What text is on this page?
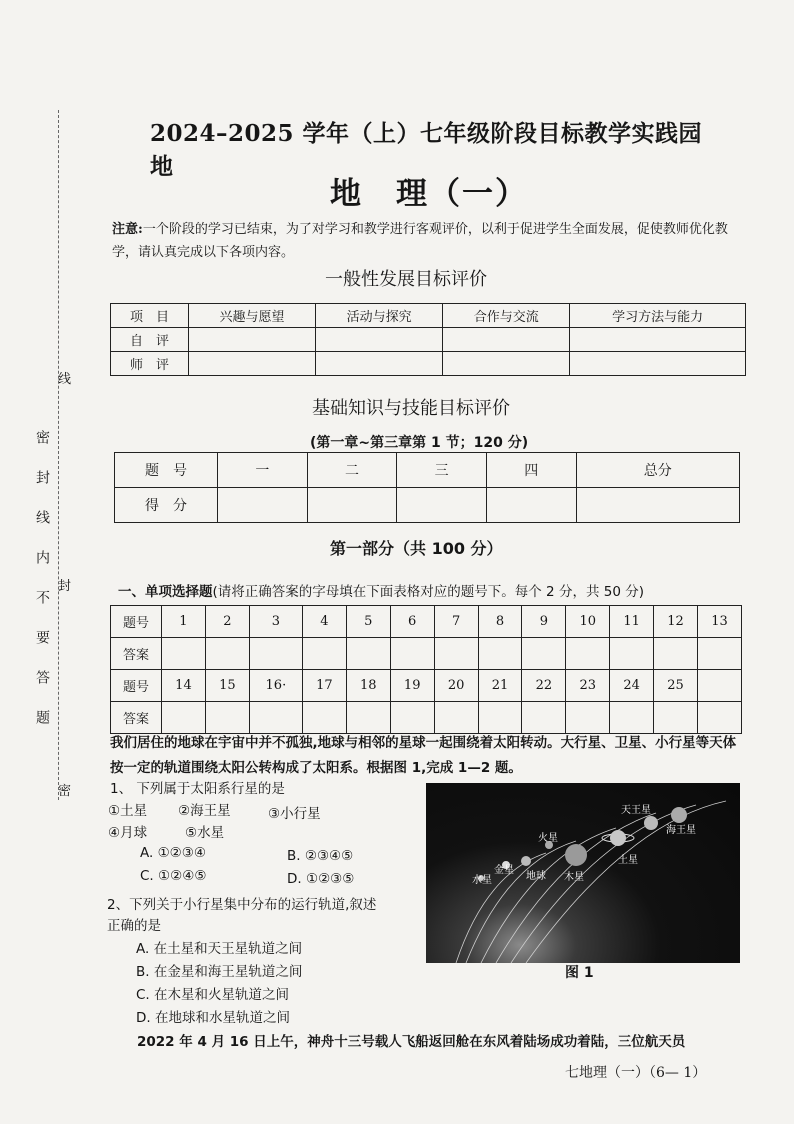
密封线内不要答题
线
封
密
2024–2025 学年（上）七年级阶段目标教学实践园地
地　理（一）
注意:一个阶段的学习已结束，为了对学习和教学进行客观评价，以利于促进学生全面发展，促使教师优化教学，请认真完成以下各项内容。
一般性发展目标评价
项　目	兴趣与愿望	活动与探究	合作与交流	学习方法与能力
自　评				
师　评				
基础知识与技能目标评价
(第一章~第三章第 1 节；120 分)
题　号	一	二	三	四	总分
得　分					
第一部分（共 100 分）
一、单项选择题(请将正确答案的字母填在下面表格对应的题号下。每个 2 分，共 50 分)
题号	1	2	3	4	5	6	7	8	9	10	11	12	13
答案													
题号	14	15	16·	17	18	19	20	21	22	23	24	25	
答案													
我们居住的地球在宇宙中并不孤独,地球与相邻的星球一起围绕着太阳转动。大行星、卫星、小行星等天体按一定的轨道围绕太阳公转构成了太阳系。根据图 1,完成 1—2 题。
1、 下列属于太阳系行星的是
①土星 ②海王星	③小行星
④月球	⑤水星
A. ①②③④	B. ②③④⑤
C. ①②④⑤	D. ①②③⑤
2、下列关于小行星集中分布的运行轨道,叙述
正确的是
A. 在土星和天王星轨道之间
B. 在金星和海王星轨道之间
C. 在木星和火星轨道之间
D. 在地球和水星轨道之间
天王星
海王星
火星
金星
土星
水星	地球 木星
图 1
2022 年 4 月 16 日上午，神舟十三号载人飞船返回舱在东风着陆场成功着陆，三位航天员
七地理（一）（6— 1）
